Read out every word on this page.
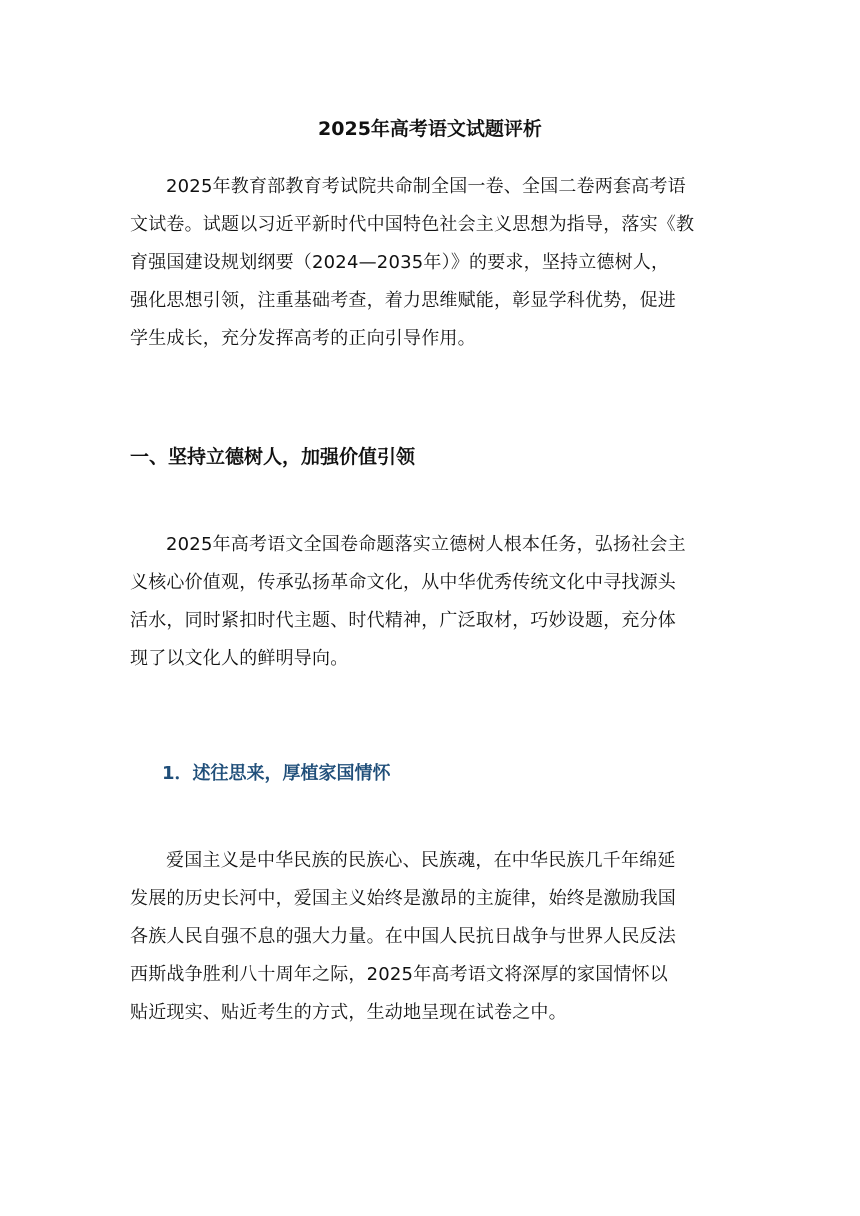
2025年高考语文试题评析

2025年教育部教育考试院共命制全国一卷、全国二卷两套高考语
文试卷。试题以习近平新时代中国特色社会主义思想为指导，落实《教
育强国建设规划纲要（2024—2035年）》的要求，坚持立德树人，
强化思想引领，注重基础考查，着力思维赋能，彰显学科优势，促进
学生成长，充分发挥高考的正向引导作用。

一、坚持立德树人，加强价值引领

2025年高考语文全国卷命题落实立德树人根本任务，弘扬社会主
义核心价值观，传承弘扬革命文化，从中华优秀传统文化中寻找源头
活水，同时紧扣时代主题、时代精神，广泛取材，巧妙设题，充分体
现了以文化人的鲜明导向。

1．述往思来，厚植家国情怀

爱国主义是中华民族的民族心、民族魂，在中华民族几千年绵延
发展的历史长河中，爱国主义始终是激昂的主旋律，始终是激励我国
各族人民自强不息的强大力量。在中国人民抗日战争与世界人民反法
西斯战争胜利八十周年之际，2025年高考语文将深厚的家国情怀以
贴近现实、贴近考生的方式，生动地呈现在试卷之中。
